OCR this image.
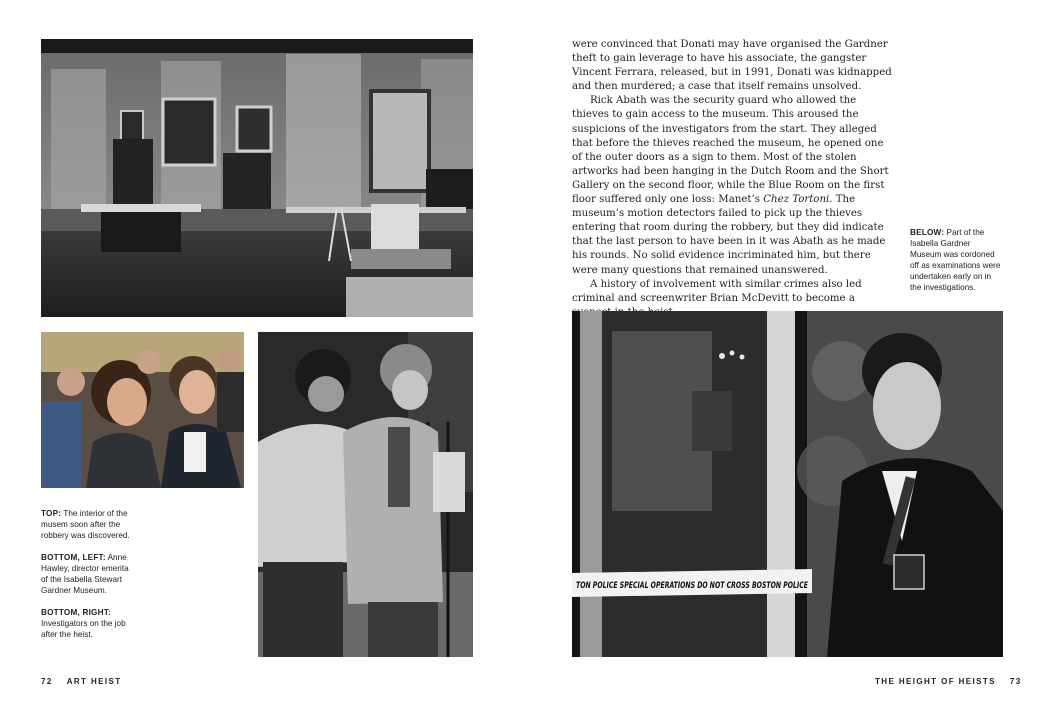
TOP: The interior of the musem soon after the robbery was discovered.

BOTTOM, LEFT: Anne Hawley, director emerita of the Isabella Stewart Gardner Museum.

BOTTOM, RIGHT: Investigators on the job after the heist.

72 ART HEIST

were convinced that Donati may have organised the Gardner theft to gain leverage to have his associate, the gangster Vincent Ferrara, released, but in 1991, Donati was kidnapped and then murdered; a case that itself remains unsolved.

Rick Abath was the security guard who allowed the thieves to gain access to the museum. This aroused the suspicions of the investigators from the start. They alleged that before the thieves reached the museum, he opened one of the outer doors as a sign to them. Most of the stolen artworks had been hanging in the Dutch Room and the Short Gallery on the second floor, while the Blue Room on the first floor suffered only one loss: Manet’s Chez Tortoni. The museum’s motion detectors failed to pick up the thieves entering that room during the robbery, but they did indicate that the last person to have been in it was Abath as he made his rounds. No solid evidence incriminated him, but there were many questions that remained unanswered.

A history of involvement with similar crimes also led criminal and screenwriter Brian McDevitt to become a

BELOW: Part of the Isabella Gardner Museum was cordoned off as examinations were undertaken early on in the investigations.

TON POLICE SPECIAL OPERATIONS DO NOT CROSS BOSTON POLICE
THE HEIGHT OF HEISTS 73
